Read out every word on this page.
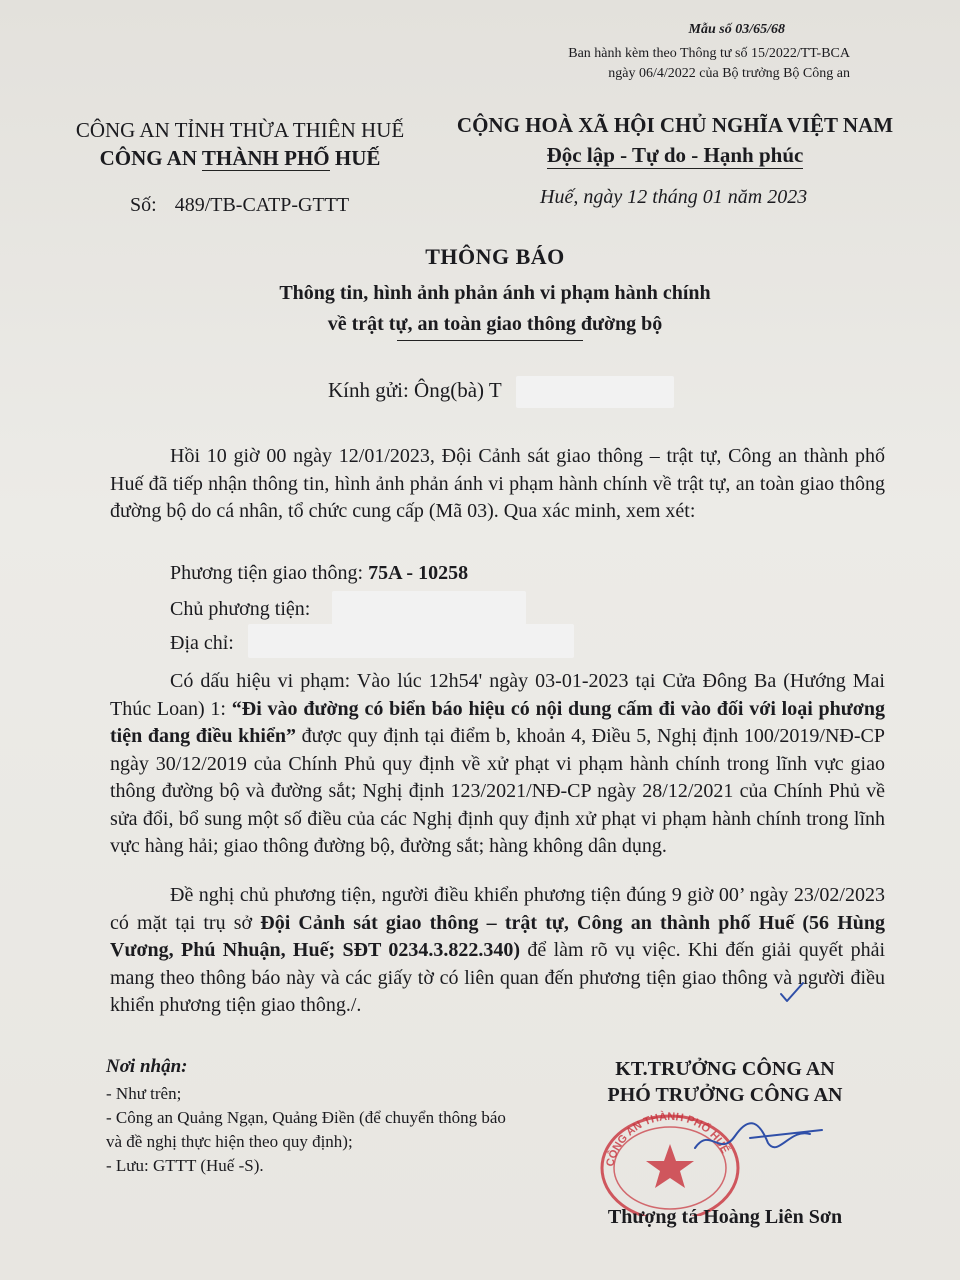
Mẫu số 03/65/68
Ban hành kèm theo Thông tư số 15/2022/TT-BCA
ngày 06/4/2022 của Bộ trưởng Bộ Công an
CÔNG AN TỈNH THỪA THIÊN HUẾ
CÔNG AN THÀNH PHỐ HUẾ
CỘNG HOÀ XÃ HỘI CHỦ NGHĨA VIỆT NAM
Độc lập - Tự do - Hạnh phúc
Số: 489/TB-CATP-GTTT	Huế, ngày 12 tháng 01 năm 2023
THÔNG BÁO
Thông tin, hình ảnh phản ánh vi phạm hành chính
về trật tự, an toàn giao thông đường bộ
Kính gửi: Ông(bà) T
Hồi 10 giờ 00 ngày 12/01/2023, Đội Cảnh sát giao thông – trật tự, Công an thành phố Huế đã tiếp nhận thông tin, hình ảnh phản ánh vi phạm hành chính về trật tự, an toàn giao thông đường bộ do cá nhân, tổ chức cung cấp (Mã 03). Qua xác minh, xem xét:
Phương tiện giao thông: 75A - 10258
Chủ phương tiện:
Địa chỉ:
Có dấu hiệu vi phạm: Vào lúc 12h54' ngày 03-01-2023 tại Cửa Đông Ba (Hướng Mai Thúc Loan) 1: “Đi vào đường có biển báo hiệu có nội dung cấm đi vào đối với loại phương tiện đang điều khiển” được quy định tại điểm b, khoản 4, Điều 5, Nghị định 100/2019/NĐ-CP ngày 30/12/2019 của Chính Phủ quy định về xử phạt vi phạm hành chính trong lĩnh vực giao thông đường bộ và đường sắt; Nghị định 123/2021/NĐ-CP ngày 28/12/2021 của Chính Phủ về sửa đổi, bổ sung một số điều của các Nghị định quy định xử phạt vi phạm hành chính trong lĩnh vực hàng hải; giao thông đường bộ, đường sắt; hàng không dân dụng.
Đề nghị chủ phương tiện, người điều khiển phương tiện đúng 9 giờ 00’ ngày 23/02/2023 có mặt tại trụ sở Đội Cảnh sát giao thông – trật tự, Công an thành phố Huế (56 Hùng Vương, Phú Nhuận, Huế; SĐT 0234.3.822.340) để làm rõ vụ việc. Khi đến giải quyết phải mang theo thông báo này và các giấy tờ có liên quan đến phương tiện giao thông và người điều khiển phương tiện giao thông./.
Nơi nhận:
- Như trên;
- Công an Quảng Ngạn, Quảng Điền (để chuyển thông báo và đề nghị thực hiện theo quy định);
- Lưu: GTTT (Huế -S).
KT.TRƯỞNG CÔNG AN
PHÓ TRƯỞNG CÔNG AN
CÔNG AN THÀNH PHỐ HUẾ
Thượng tá Hoàng Liên Sơn
